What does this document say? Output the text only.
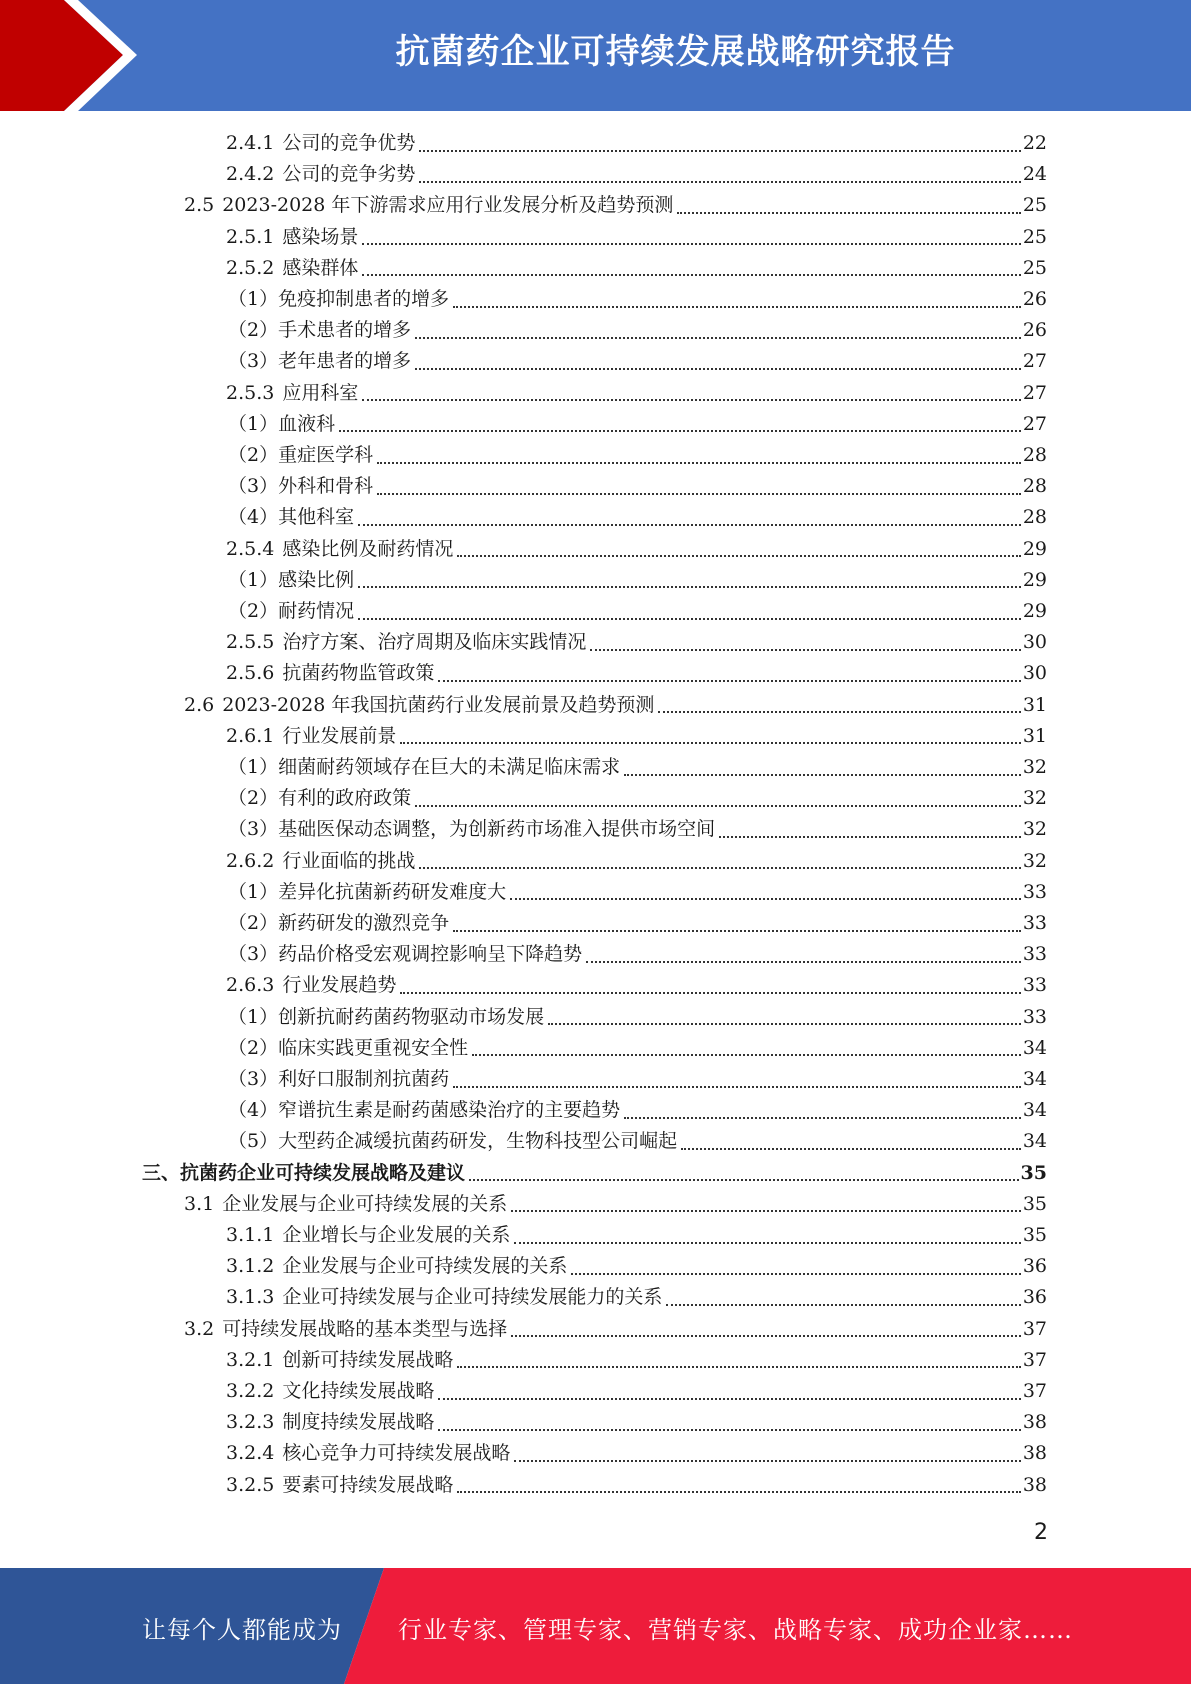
抗菌药企业可持续发展战略研究报告
2.4.1 公司的竞争优势	22
2.4.2 公司的竞争劣势	24
2.5 2023-2028 年下游需求应用行业发展分析及趋势预测	25
2.5.1 感染场景	25
2.5.2 感染群体	25
（1） 免疫抑制患者的增多	26
（2） 手术患者的增多	26
（3） 老年患者的增多	27
2.5.3 应用科室	27
（1） 血液科	27
（2） 重症医学科	28
（3） 外科和骨科	28
（4） 其他科室	28
2.5.4 感染比例及耐药情况	29
（1） 感染比例	29
（2） 耐药情况	29
2.5.5 治疗方案、治疗周期及临床实践情况	30
2.5.6 抗菌药物监管政策	30
2.6 2023-2028 年我国抗菌药行业发展前景及趋势预测	31
2.6.1 行业发展前景	31
（1） 细菌耐药领域存在巨大的未满足临床需求	32
（2） 有利的政府政策	32
（3） 基础医保动态调整，为创新药市场准入提供市场空间	32
2.6.2 行业面临的挑战	32
（1） 差异化抗菌新药研发难度大	33
（2） 新药研发的激烈竞争	33
（3） 药品价格受宏观调控影响呈下降趋势	33
2.6.3 行业发展趋势	33
（1） 创新抗耐药菌药物驱动市场发展	33
（2） 临床实践更重视安全性	34
（3） 利好口服制剂抗菌药	34
（4） 窄谱抗生素是耐药菌感染治疗的主要趋势	34
（5） 大型药企减缓抗菌药研发，生物科技型公司崛起	34
三、 抗菌药企业可持续发展战略及建议	35
3.1 企业发展与企业可持续发展的关系	35
3.1.1 企业增长与企业发展的关系	35
3.1.2 企业发展与企业可持续发展的关系	36
3.1.3 企业可持续发展与企业可持续发展能力的关系	36
3.2 可持续发展战略的基本类型与选择	37
3.2.1 创新可持续发展战略	37
3.2.2 文化持续发展战略	37
3.2.3 制度持续发展战略	38
3.2.4 核心竞争力可持续发展战略	38
3.2.5 要素可持续发展战略	38
2
让每个人都能成为 行业专家、管理专家、营销专家、战略专家、成功企业家……
